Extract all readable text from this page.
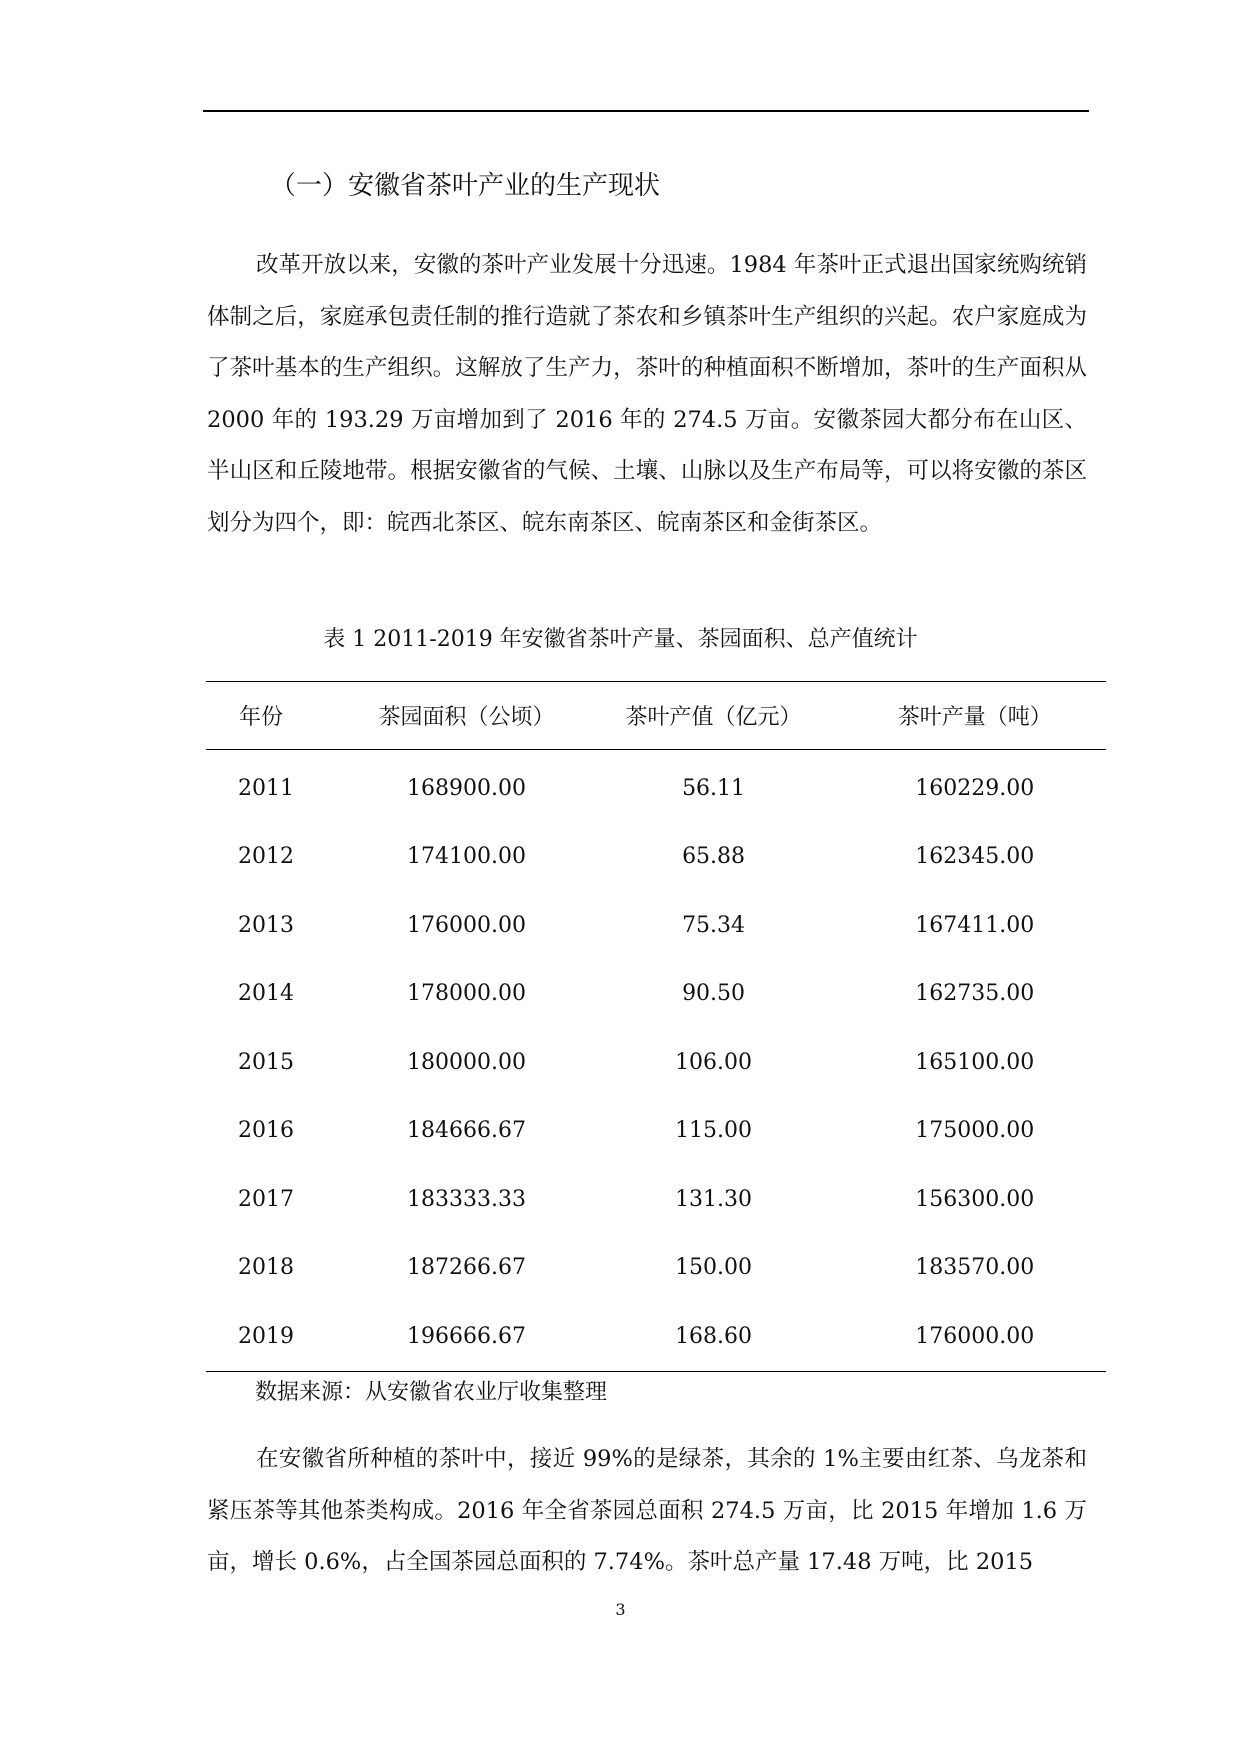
（一）安徽省茶叶产业的生产现状

改革开放以来，安徽的茶叶产业发展十分迅速。1984 年茶叶正式退出国家统购统销体制之后，家庭承包责任制的推行造就了茶农和乡镇茶叶生产组织的兴起。农户家庭成为了茶叶基本的生产组织。这解放了生产力，茶叶的种植面积不断增加，茶叶的生产面积从 2000 年的 193.29 万亩增加到了 2016 年的 274.5 万亩。安徽茶园大都分布在山区、半山区和丘陵地带。根据安徽省的气候、土壤、山脉以及生产布局等，可以将安徽的茶区划分为四个，即：皖西北茶区、皖东南茶区、皖南茶区和金街茶区。

表 1 2011-2019 年安徽省茶叶产量、茶园面积、总产值统计
年份	茶园面积（公顷）	茶叶产值（亿元）	茶叶产量（吨）
2011	168900.00	56.11	160229.00
2012	174100.00	65.88	162345.00
2013	176000.00	75.34	167411.00
2014	178000.00	90.50	162735.00
2015	180000.00	106.00	165100.00
2016	184666.67	115.00	175000.00
2017	183333.33	131.30	156300.00
2018	187266.67	150.00	183570.00
2019	196666.67	168.60	176000.00
数据来源：从安徽省农业厅收集整理

在安徽省所种植的茶叶中，接近 99%的是绿茶，其余的 1%主要由红茶、乌龙茶和紧压茶等其他茶类构成。2016 年全省茶园总面积 274.5 万亩，比 2015 年增加 1.6 万亩，增长 0.6%，占全国茶园总面积的 7.74%。茶叶总产量 17.48 万吨，比 2015

3
